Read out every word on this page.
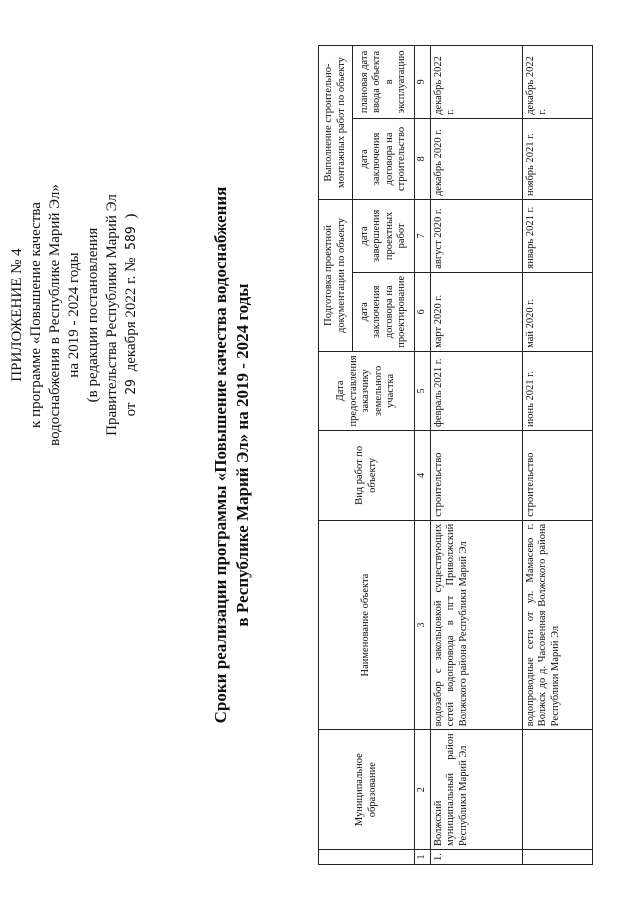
ПРИЛОЖЕНИЕ № 4 к программе «Повышение качества водоснабжения в Республике Марий Эл» на 2019 - 2024 годы (в редакции постановления Правительства Республики Марий Эл от 29 декабря 2022 г. № 589 )	Сроки реализации программы «Повышение качества водоснабжения в Республике Марий Эл» на 2019 - 2024 годы
	Муниципальное образование	Наименование объекта	Вид работ по объекту	Дата предоставления заказчику земельного участка	Подготовка проектной документации по объекту		Выполнение строительно-монтажных работ по объекту	
					дата заключения договора на проектирование	дата завершения проектных работ	дата заключения договора на строительство	плановая дата ввода объекта в эксплуатацию
1	2	3	4	5	6	7	8	9
1.	Волжский муниципальный район Республики Марий Эл	водозабор с закольцовкой существующих сетей водопровода в пгт Приволжский Волжского района Республики Марий Эл	строительство	февраль 2021 г.	март 2020 г.	август 2020 г.	декабрь 2020 г.	декабрь 2022 г.
		водопроводные сети от ул. Мамасево г. Волжск до д. Часовенная Волжского района Республики Марий Эл	строительство	июнь 2021 г.	май 2020 г.	январь 2021 г.	ноябрь 2021 г.	декабрь 2022 г.
